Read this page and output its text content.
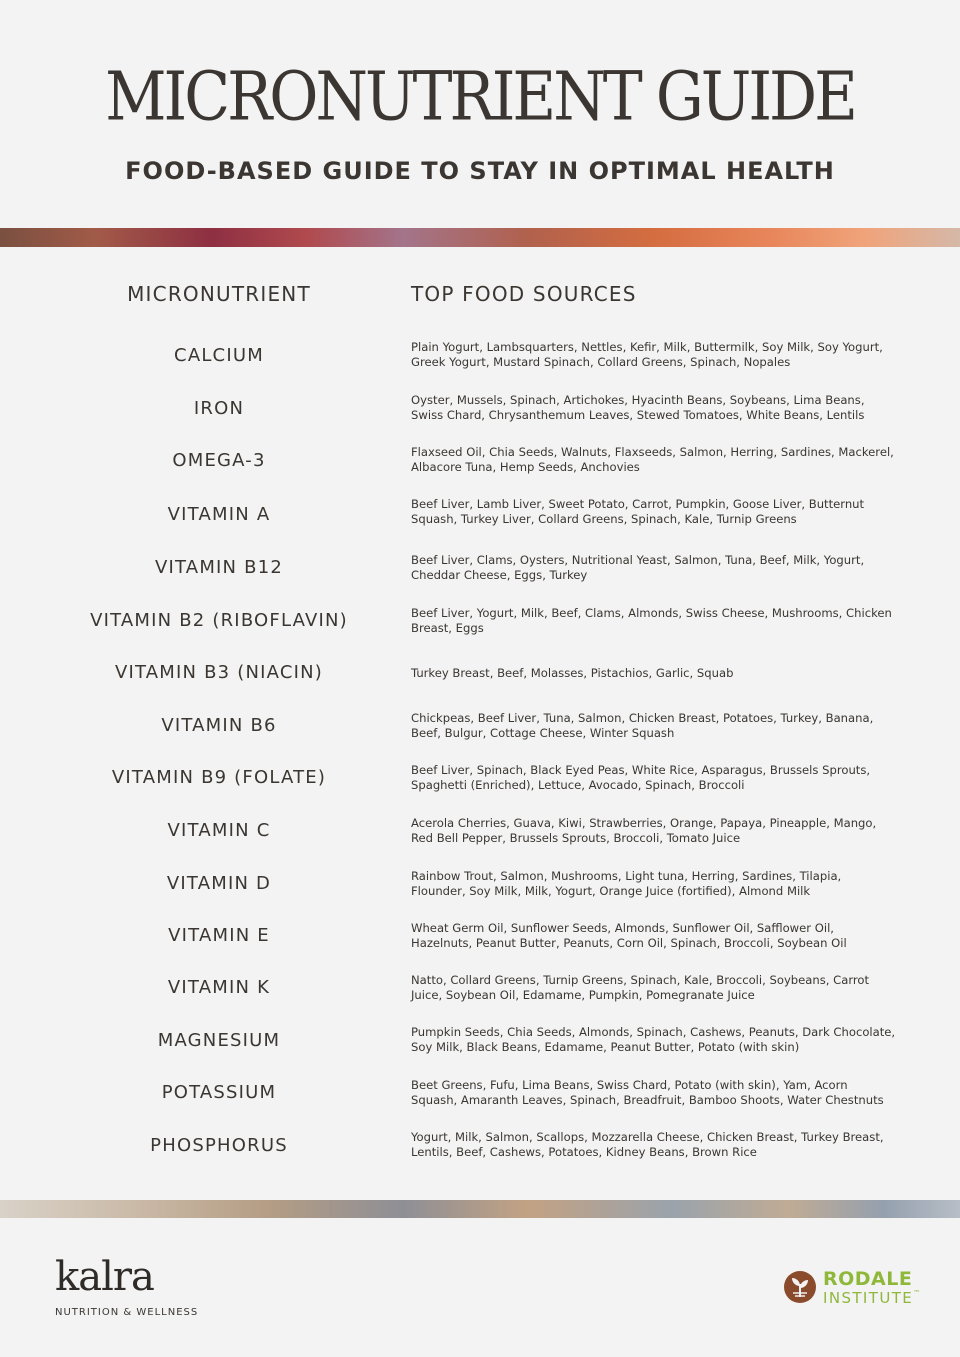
MICRONUTRIENT GUIDE
FOOD-BASED GUIDE TO STAY IN OPTIMAL HEALTH
MICRONUTRIENT	TOP FOOD SOURCES
CALCIUM	Plain Yogurt, Lambsquarters, Nettles, Kefir, Milk, Buttermilk, Soy Milk, Soy Yogurt, Greek Yogurt, Mustard Spinach, Collard Greens, Spinach, Nopales
IRON	Oyster, Mussels, Spinach, Artichokes, Hyacinth Beans, Soybeans, Lima Beans, Swiss Chard, Chrysanthemum Leaves, Stewed Tomatoes, White Beans, Lentils
OMEGA-3	Flaxseed Oil, Chia Seeds, Walnuts, Flaxseeds, Salmon, Herring, Sardines, Mackerel, Albacore Tuna, Hemp Seeds, Anchovies
VITAMIN A	Beef Liver, Lamb Liver, Sweet Potato, Carrot, Pumpkin, Goose Liver, Butternut Squash, Turkey Liver, Collard Greens, Spinach, Kale, Turnip Greens
VITAMIN B12	Beef Liver, Clams, Oysters, Nutritional Yeast, Salmon, Tuna, Beef, Milk, Yogurt, Cheddar Cheese, Eggs, Turkey
VITAMIN B2 (RIBOFLAVIN)	Beef Liver, Yogurt, Milk, Beef, Clams, Almonds, Swiss Cheese, Mushrooms, Chicken Breast, Eggs
VITAMIN B3 (NIACIN)	Turkey Breast, Beef, Molasses, Pistachios, Garlic, Squab
VITAMIN B6	Chickpeas, Beef Liver, Tuna, Salmon, Chicken Breast, Potatoes, Turkey, Banana, Beef, Bulgur, Cottage Cheese, Winter Squash
VITAMIN B9 (FOLATE)	Beef Liver, Spinach, Black Eyed Peas, White Rice, Asparagus, Brussels Sprouts, Spaghetti (Enriched), Lettuce, Avocado, Spinach, Broccoli
VITAMIN C	Acerola Cherries, Guava, Kiwi, Strawberries, Orange, Papaya, Pineapple, Mango, Red Bell Pepper, Brussels Sprouts, Broccoli, Tomato Juice
VITAMIN D	Rainbow Trout, Salmon, Mushrooms, Light tuna, Herring, Sardines, Tilapia, Flounder, Soy Milk, Milk, Yogurt, Orange Juice (fortified), Almond Milk
VITAMIN E	Wheat Germ Oil, Sunflower Seeds, Almonds, Sunflower Oil, Safflower Oil, Hazelnuts, Peanut Butter, Peanuts, Corn Oil, Spinach, Broccoli, Soybean Oil
VITAMIN K	Natto, Collard Greens, Turnip Greens, Spinach, Kale, Broccoli, Soybeans, Carrot Juice, Soybean Oil, Edamame, Pumpkin, Pomegranate Juice
MAGNESIUM	Pumpkin Seeds, Chia Seeds, Almonds, Spinach, Cashews, Peanuts, Dark Chocolate, Soy Milk, Black Beans, Edamame, Peanut Butter, Potato (with skin)
POTASSIUM	Beet Greens, Fufu, Lima Beans, Swiss Chard, Potato (with skin), Yam, Acorn Squash, Amaranth Leaves, Spinach, Breadfruit, Bamboo Shoots, Water Chestnuts
PHOSPHORUS	Yogurt, Milk, Salmon, Scallops, Mozzarella Cheese, Chicken Breast, Turkey Breast, Lentils, Beef, Cashews, Potatoes, Kidney Beans, Brown Rice
kalra
NUTRITION & WELLNESS
RODALE
INSTITUTE™
